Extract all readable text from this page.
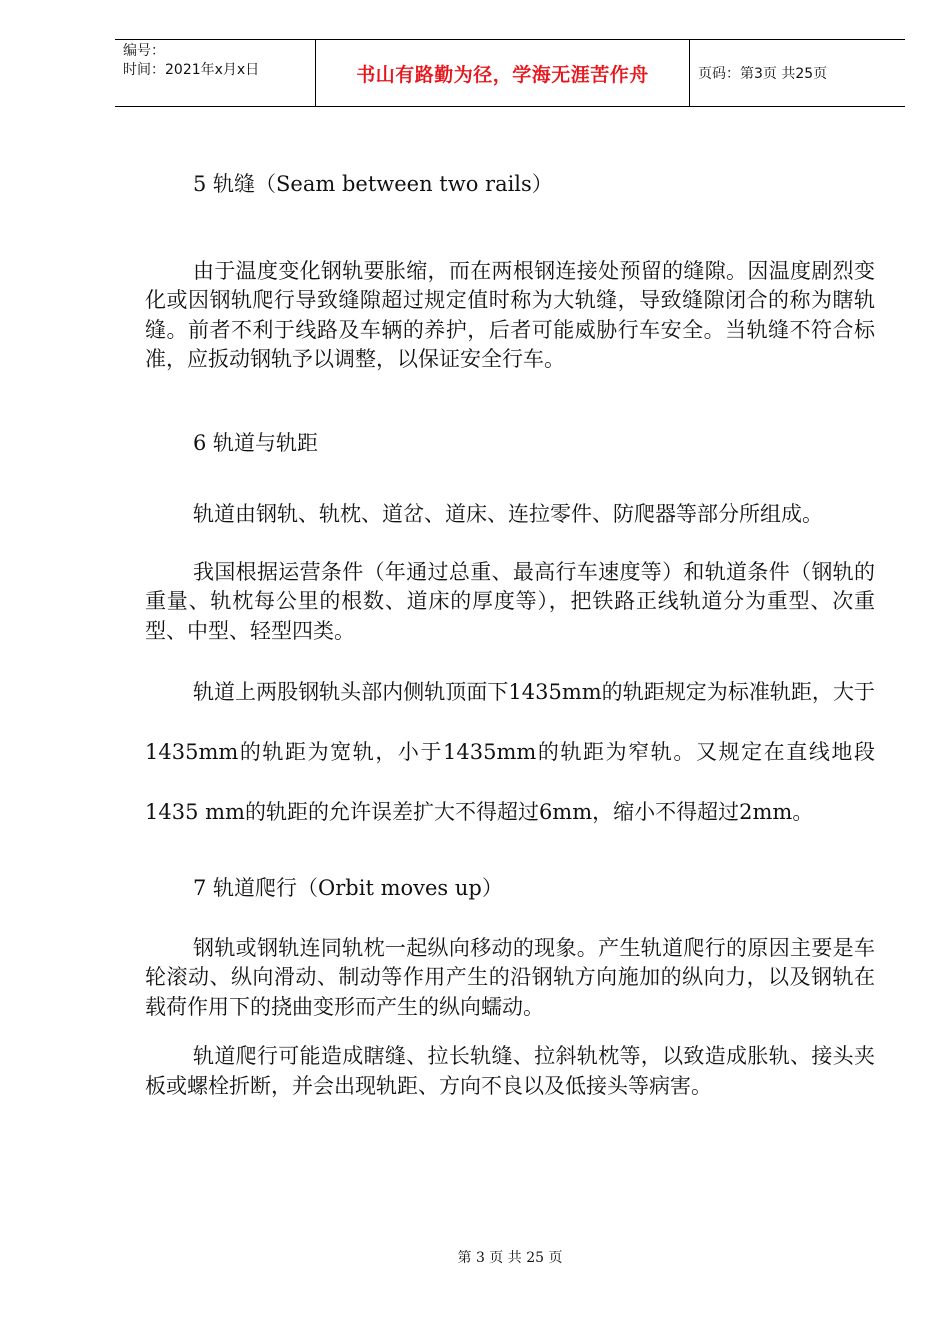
编号：
时间：2021年x月x日	书山有路勤为径，学海无涯苦作舟	页码：第3页 共25页

5 轨缝（Seam between two rails）

由于温度变化钢轨要胀缩，而在两根钢连接处预留的缝隙。因温度剧烈变化或因钢轨爬行导致缝隙超过规定值时称为大轨缝，导致缝隙闭合的称为瞎轨缝。前者不利于线路及车辆的养护，后者可能威胁行车安全。当轨缝不符合标准，应扳动钢轨予以调整，以保证安全行车。

6 轨道与轨距

轨道由钢轨、轨枕、道岔、道床、连拉零件、防爬器等部分所组成。

我国根据运营条件（年通过总重、最高行车速度等）和轨道条件（钢轨的重量、轨枕每公里的根数、道床的厚度等），把铁路正线轨道分为重型、次重型、中型、轻型四类。

轨道上两股钢轨头部内侧轨顶面下1435mm的轨距规定为标准轨距，大于1435mm的轨距为宽轨，小于1435mm的轨距为窄轨。又规定在直线地段1435 mm的轨距的允许误差扩大不得超过6mm，缩小不得超过2mm。

7 轨道爬行（Orbit moves up）

钢轨或钢轨连同轨枕一起纵向移动的现象。产生轨道爬行的原因主要是车轮滚动、纵向滑动、制动等作用产生的沿钢轨方向施加的纵向力，以及钢轨在载荷作用下的挠曲变形而产生的纵向蠕动。

轨道爬行可能造成瞎缝、拉长轨缝、拉斜轨枕等，以致造成胀轨、接头夹板或螺栓折断，并会出现轨距、方向不良以及低接头等病害。

第 3 页 共 25 页
